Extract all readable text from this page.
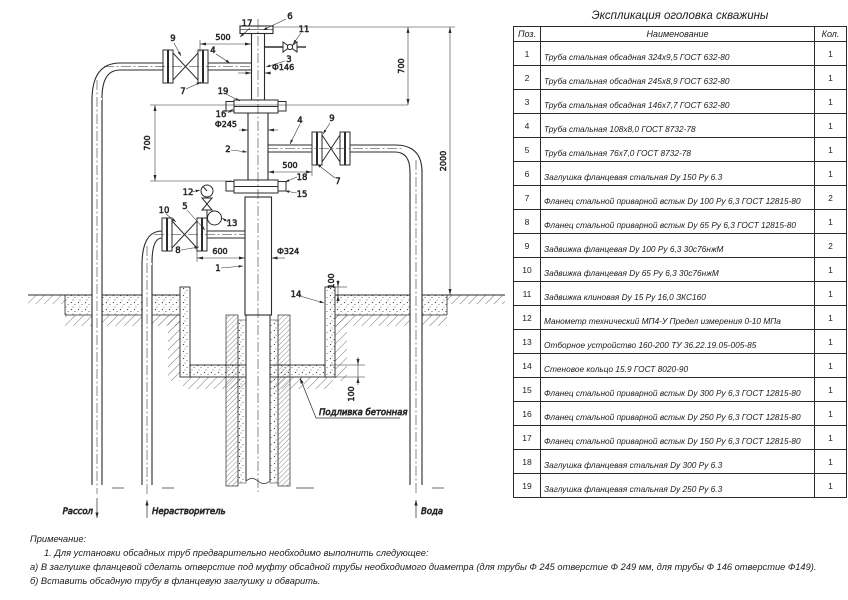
500
500
700
700
2000
600
100
100
Ф146
Ф245
Ф324
17
6
11
9
4
7	19
16
3
2
4	9
7
18
15
10 5
12
13
8
1
14
Рассол	Нерастворитель	Вода
Подливка бетонная
Экспликация оголовка скважины
Поз.	Наименование	Кол.
1	Труба стальная обсадная 324х9,5 ГОСТ 632-80	1
2	Труба стальная обсадная 245х8,9 ГОСТ 632-80	1
3	Труба стальная обсадная 146х7,7 ГОСТ 632-80	1
4	Труба стальная 108х8,0 ГОСТ 8732-78	1
5	Труба стальная 76х7,0 ГОСТ 8732-78	1
6	Заглушка фланцевая стальная Dy 150 Py 6.3	1
7	Фланец стальной приварной встык Dy 100 Py 6,3 ГОСТ 12815-80	2
8	Фланец стальной приварной встык Dy 65 Py 6,3 ГОСТ 12815-80	1
9	Задвижка фланцевая Dy 100 Py 6,3 30с76нжМ	2
10	Задвижка фланцевая Dy 65 Py 6,3 30с76нжМ	1
11	Задвижка клиновая Dy 15 Py 16,0 ЗКС160	1
12	Манометр технический МП4-У Предел измерения 0-10 МПа	1
13	Отборное устройство 160-200 ТУ 36.22.19.05-005-85	1
14	Стеновое кольцо 15.9 ГОСТ 8020-90	1
15	Фланец стальной приварной встык Dy 300 Py 6,3 ГОСТ 12815-80	1
16	Фланец стальной приварной встык Dy 250 Py 6,3 ГОСТ 12815-80	1
17	Фланец стальной приварной встык Dy 150 Py 6,3 ГОСТ 12815-80	1
18	Заглушка фланцевая стальная Dy 300 Py 6.3	1
19	Заглушка фланцевая стальная Dy 250 Py 6.3	1
Примечание:
1. Для установки обсадных труб предварительно необходимо выполнить следующее:
а) В заглушке фланцевой сделать отверстие под муфту обсадной трубы необходимого диаметра (для трубы Ф 245 отверстие Ф 249 мм, для трубы Ф 146 отверстие Ф149).
б) Вставить обсадную трубу в фланцевую заглушку и обварить.
